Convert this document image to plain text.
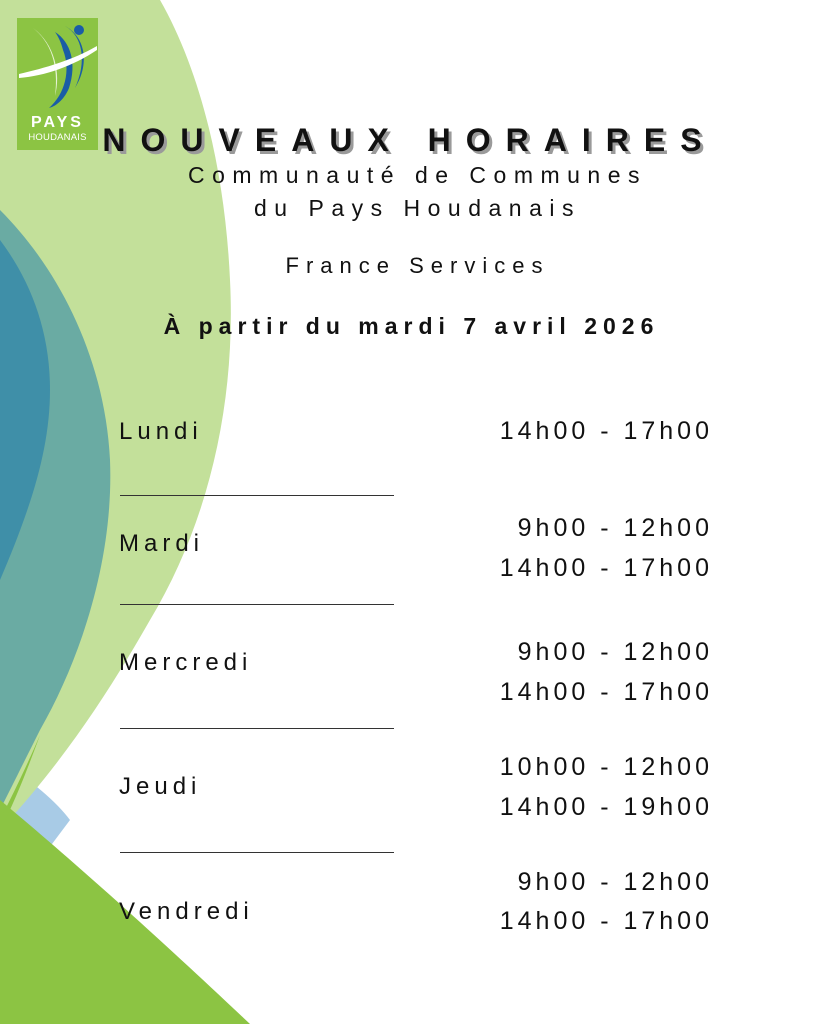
PAYS
HOUDANAIS NOUVEAUX HORAIRES
Communauté de Communes
du Pays Houdanais
France Services
À partir du mardi 7 avril 2026
Lundi	14h00 - 17h00
Mardi
9h00 - 12h00
14h00 - 17h00
Mercredi	9h00 - 12h00
14h00 - 17h00
Jeudi
10h00 - 12h00
14h00 - 19h00
Vendredi
9h00 - 12h00
14h00 - 17h00
